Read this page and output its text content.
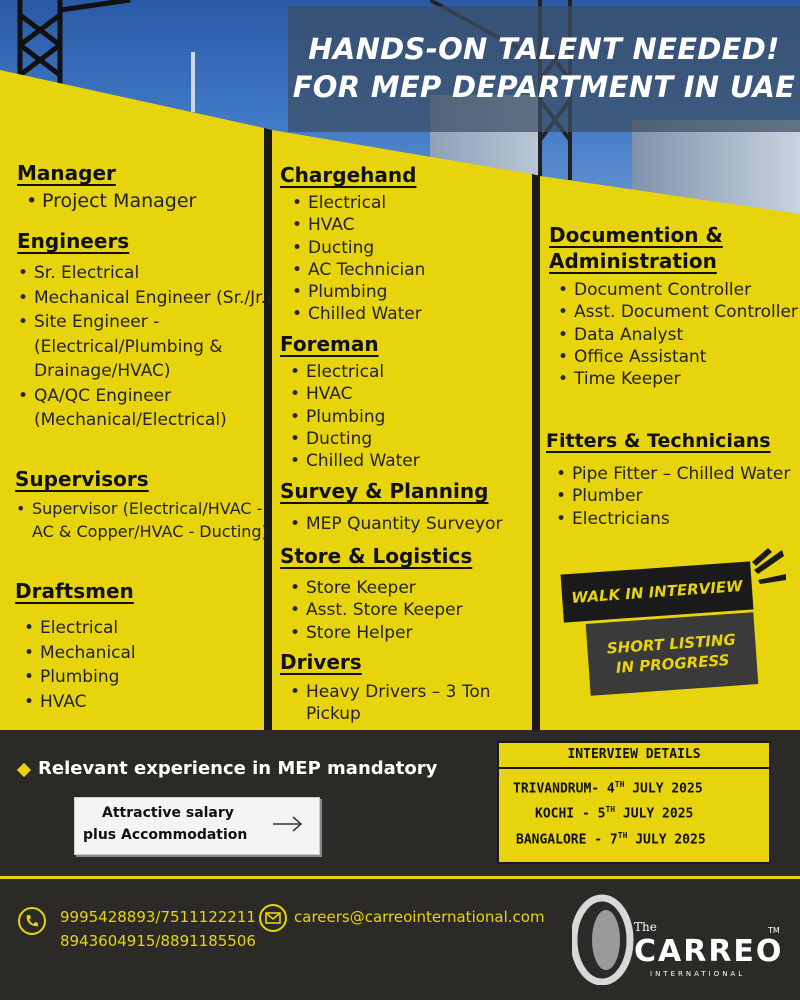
HANDS-ON TALENT NEEDED!

FOR MEP DEPARTMENT IN UAE

Manager
• Project Manager
Engineers
• Sr. Electrical
• Mechanical Engineer (Sr./Jr.)
• Site Engineer - (Electrical/Plumbing & Drainage/HVAC)
• QA/QC Engineer (Mechanical/Electrical)
Supervisors
• Supervisor (Electrical/HVAC -AC & Copper/HVAC - Ducting)
Draftsmen
• Electrical
• Mechanical
• Plumbing
• HVAC
Chargehand
• Electrical
• HVAC
• Ducting
• AC Technician
• Plumbing
• Chilled Water
Foreman
• Electrical
• HVAC
• Plumbing
• Ducting
• Chilled Water
Survey & Planning
• MEP Quantity Surveyor
Store & Logistics
• Store Keeper
• Asst. Store Keeper
• Store Helper
Drivers
• Heavy Drivers – 3 Ton Pickup
Documention &
Administration
• Document Controller
• Asst. Document Controller
• Data Analyst
• Office Assistant
• Time Keeper
Fitters & Technicians
• Pipe Fitter – Chilled Water
• Plumber
• Electricians
WALK IN INTERVIEW
SHORT LISTING IN PROGRESS
Relevant experience in MEP mandatory
Attractive salary
plus Accommodation
INTERVIEW DETAILS
TRIVANDRUM- 4TH JULY 2025
KOCHI - 5TH JULY 2025
BANGALORE - 7TH JULY 2025
9995428893/7511122211
8943604915/8891185506
careers@carreointernational.com
The
CARREO
TM
INTERNATIONAL
